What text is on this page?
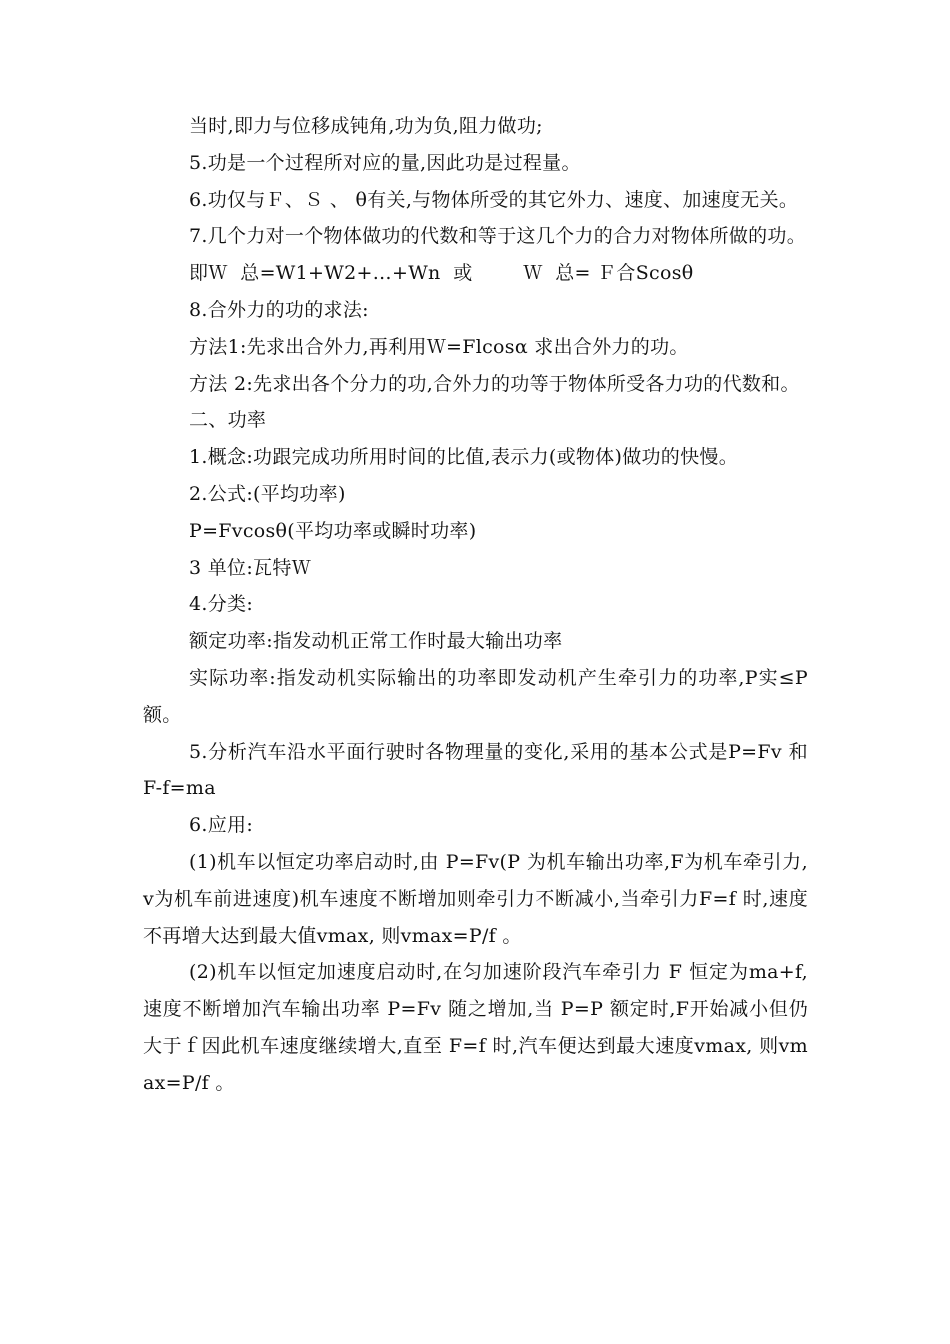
当时,即力与位移成钝角,功为负,阻力做功;

5.功是一个过程所对应的量,因此功是过程量。

6.功仅与Ｆ、Ｓ 、 θ有关,与物体所受的其它外力、速度、加速度无关。

7.几个力对一个物体做功的代数和等于这几个力的合力对物体所做的功。

即Ｗ  总=W1+W2+…+Wn  或        Ｗ  总= Ｆ合Scosθ

8.合外力的功的求法:

方法1:先求出合外力,再利用Ｗ=Flcosα 求出合外力的功。

方法 2:先求出各个分力的功,合外力的功等于物体所受各力功的代数和。

二、功率

1.概念:功跟完成功所用时间的比值,表示力(或物体)做功的快慢。

2.公式:(平均功率)

P=Fvcosθ(平均功率或瞬时功率)

3 单位:瓦特Ｗ

4.分类:

额定功率:指发动机正常工作时最大输出功率

实际功率:指发动机实际输出的功率即发动机产生牵引力的功率,P实≤P额。

5.分析汽车沿水平面行驶时各物理量的变化,采用的基本公式是P=Fv 和F-f=ma

6.应用:

(1)机车以恒定功率启动时,由 P=Fv(P 为机车输出功率,F为机车牵引力,v为机车前进速度)机车速度不断增加则牵引力不断减小,当牵引力F=f 时,速度不再增大达到最大值vmax, 则vmax=P/f 。

(2)机车以恒定加速度启动时,在匀加速阶段汽车牵引力 F 恒定为ma+f, 速度不断增加汽车输出功率 P=Fv 随之增加,当 P=P 额定时,F开始减小但仍大于ｆ因此机车速度继续增大,直至 F=f 时,汽车便达到最大速度vmax, 则vmax=P/f 。
